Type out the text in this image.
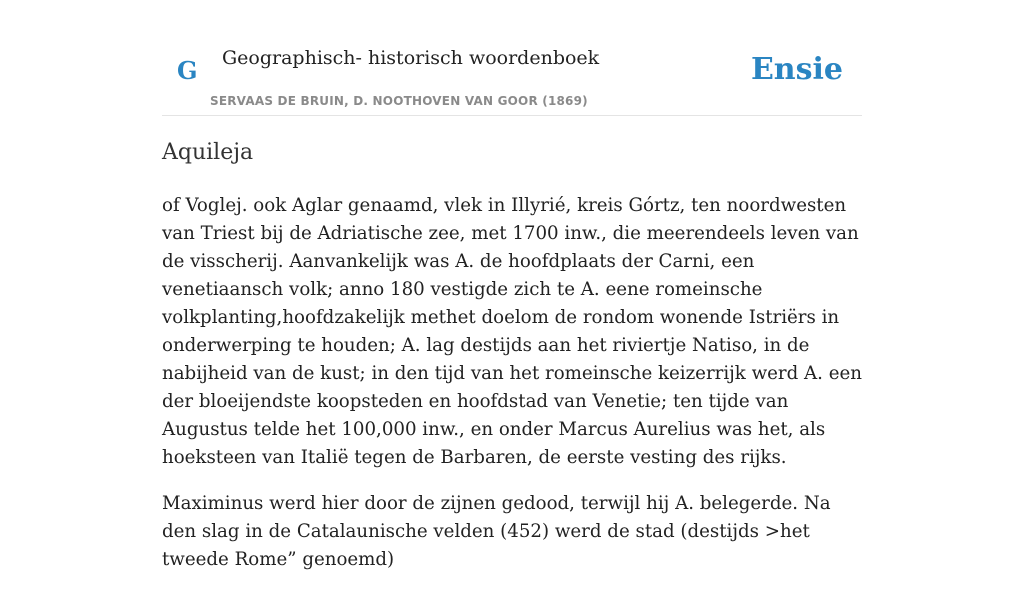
G Geographisch- historisch woordenboek
SERVAAS DE BRUIN, D. NOOTHOVEN VAN GOOR (1869)
Ensie
Aquileja

of Voglej. ook Aglar genaamd, vlek in Illyrié, kreis Górtz, ten noordwesten van Triest bij de Adriatische zee, met 1700 inw., die meerendeels leven van de visscherij. Aanvankelijk was A. de hoofdplaats der Carni, een venetiaansch volk; anno 180 vestigde zich te A. eene romeinsche volkplanting,hoofdzakelijk methet doelom de rondom wonende Istriërs in onderwerping te houden; A. lag destijds aan het riviertje Natiso, in de nabijheid van de kust; in den tijd van het romeinsche keizerrijk werd A. een der bloeijendste koopsteden en hoofdstad van Venetie; ten tijde van Augustus telde het 100,000 inw., en onder Marcus Aurelius was het, als hoeksteen van Italië tegen de Barbaren, de eerste vesting des rijks.

Maximinus werd hier door de zijnen gedood, terwijl hij A. belegerde. Na den slag in de Catalaunische velden (452) werd de stad (destijds >het tweede Rome” genoemd)
